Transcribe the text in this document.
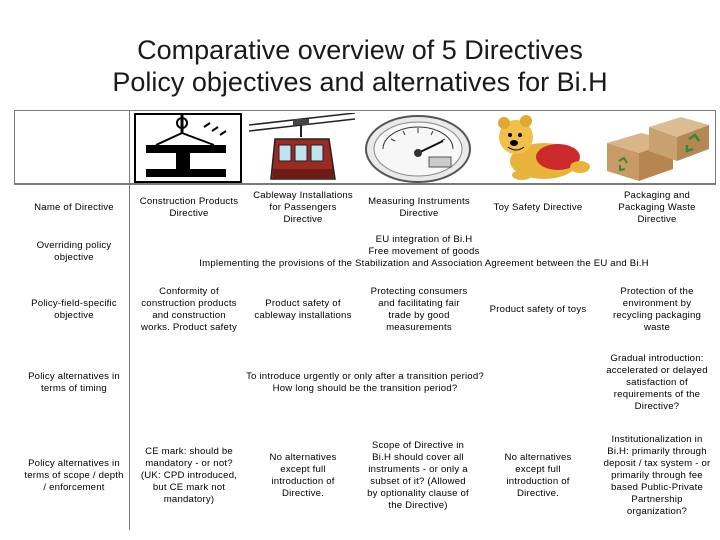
Comparative overview of 5 Directives
Policy objectives and alternatives for Bi.H
Name of Directive
Construction Products Directive
Cableway Installations for Passengers Directive
Measuring Instruments Directive
Toy Safety Directive
Packaging and Packaging Waste Directive
Overriding policy objective
EU integration of Bi.H
Free movement of goods
Implementing the provisions of the Stabilization and Association Agreement between the EU and Bi.H
Policy-field-specific objective
Conformity of construction products and construction works. Product safety
Product safety of cableway installations
Protecting consumers and facilitating fair trade by good measurements
Product safety of toys
Protection of the environment by recycling packaging waste
Policy alternatives in terms of timing
To introduce urgently or only after a transition period?
How long should be the transition period?
Gradual introduction: accelerated or delayed satisfaction of requirements of the Directive?
Policy alternatives in terms of scope / depth / enforcement
CE mark: should be mandatory - or not? (UK: CPD introduced, but CE mark not mandatory)
No alternatives except full introduction of Directive.
Scope of Directive in Bi.H should cover all instruments - or only a subset of it? (Allowed by optionality clause of the Directive)
No alternatives except full introduction of Directive.
Institutionalization in Bi.H: primarily through deposit / tax system - or primarily through fee based Public-Private Partnership organization?
